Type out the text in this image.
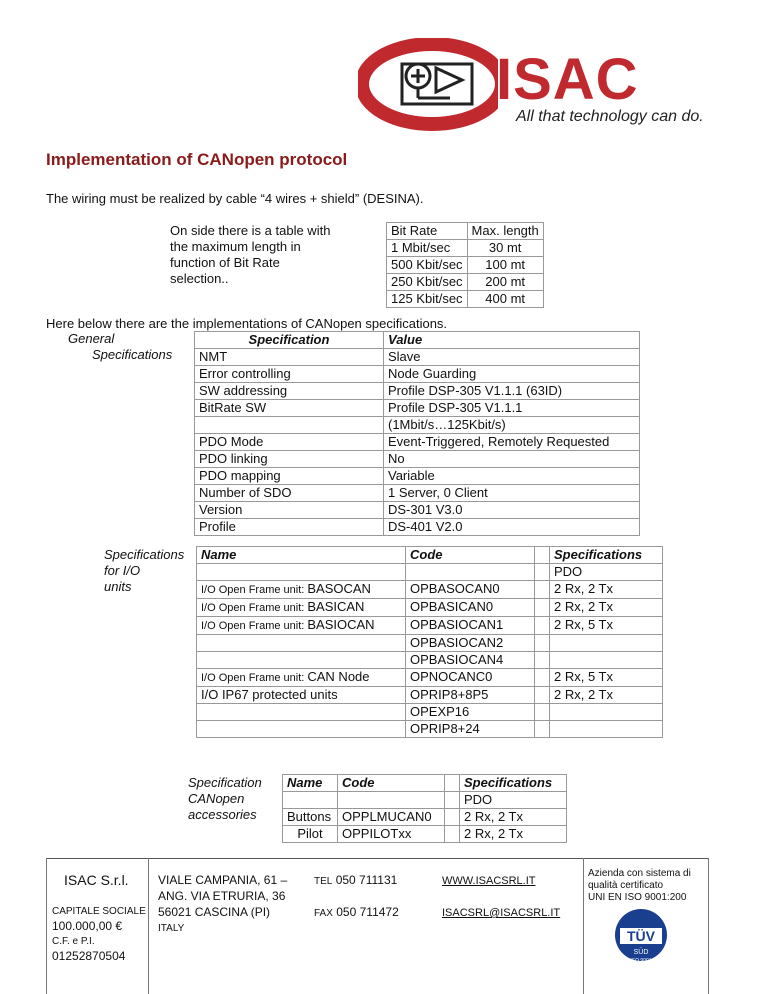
ISAC
All that technology can do.
Implementation of CANopen protocol
The wiring must be realized by cable “4 wires + shield” (DESINA).
On side there is a table with
the maximum length in
function of Bit Rate
selection..
Bit Rate	Max. length
1 Mbit/sec	30 mt
500 Kbit/sec	100 mt
250 Kbit/sec	200 mt
125 Kbit/sec	400 mt
Here below there are the implementations of CANopen specifications.
General
Specifications
Specification	Value
NMT	Slave
Error controlling	Node Guarding
SW addressing	Profile DSP-305 V1.1.1 (63ID)
BitRate SW	Profile DSP-305 V1.1.1
	(1Mbit/s…125Kbit/s)
PDO Mode	Event-Triggered, Remotely Requested
PDO linking	No
PDO mapping	Variable
Number of SDO	1 Server, 0 Client
Version	DS-301 V3.0
Profile	DS-401 V2.0
Specifications
for I/O
units
Name	Code		Specifications
			PDO
I/O Open Frame unit: BASOCAN	OPBASOCAN0		2 Rx, 2 Tx
I/O Open Frame unit: BASICAN	OPBASICAN0		2 Rx, 2 Tx
I/O Open Frame unit: BASIOCAN	OPBASIOCAN1		2 Rx, 5 Tx
	OPBASIOCAN2		
	OPBASIOCAN4		
I/O Open Frame unit: CAN Node	OPNOCANC0		2 Rx, 5 Tx
I/O IP67 protected units	OPRIP8+8P5		2 Rx, 2 Tx
	OPEXP16		
	OPRIP8+24		
Specification
CANopen
accessories
Name	Code		Specifications
			PDO
Buttons	OPPLMUCAN0		2 Rx, 2 Tx
Pilot	OPPILOTxx		2 Rx, 2 Tx
ISAC S.r.l.
CAPITALE SOCIALE
100.000,00 €
C.F. e P.I.
01252870504
VIALE CAMPANIA, 61 –
ANG. VIA ETRURIA, 36
56021 CASCINA (PI)
ITALY
TEL 050 711131
FAX 050 711472
WWW.ISACSRL.IT
ISACSRL@ISACSRL.IT
Azienda con sistema di
qualità certificato
UNI EN ISO 9001:200
TÜV
SÜD
ISO 9001
